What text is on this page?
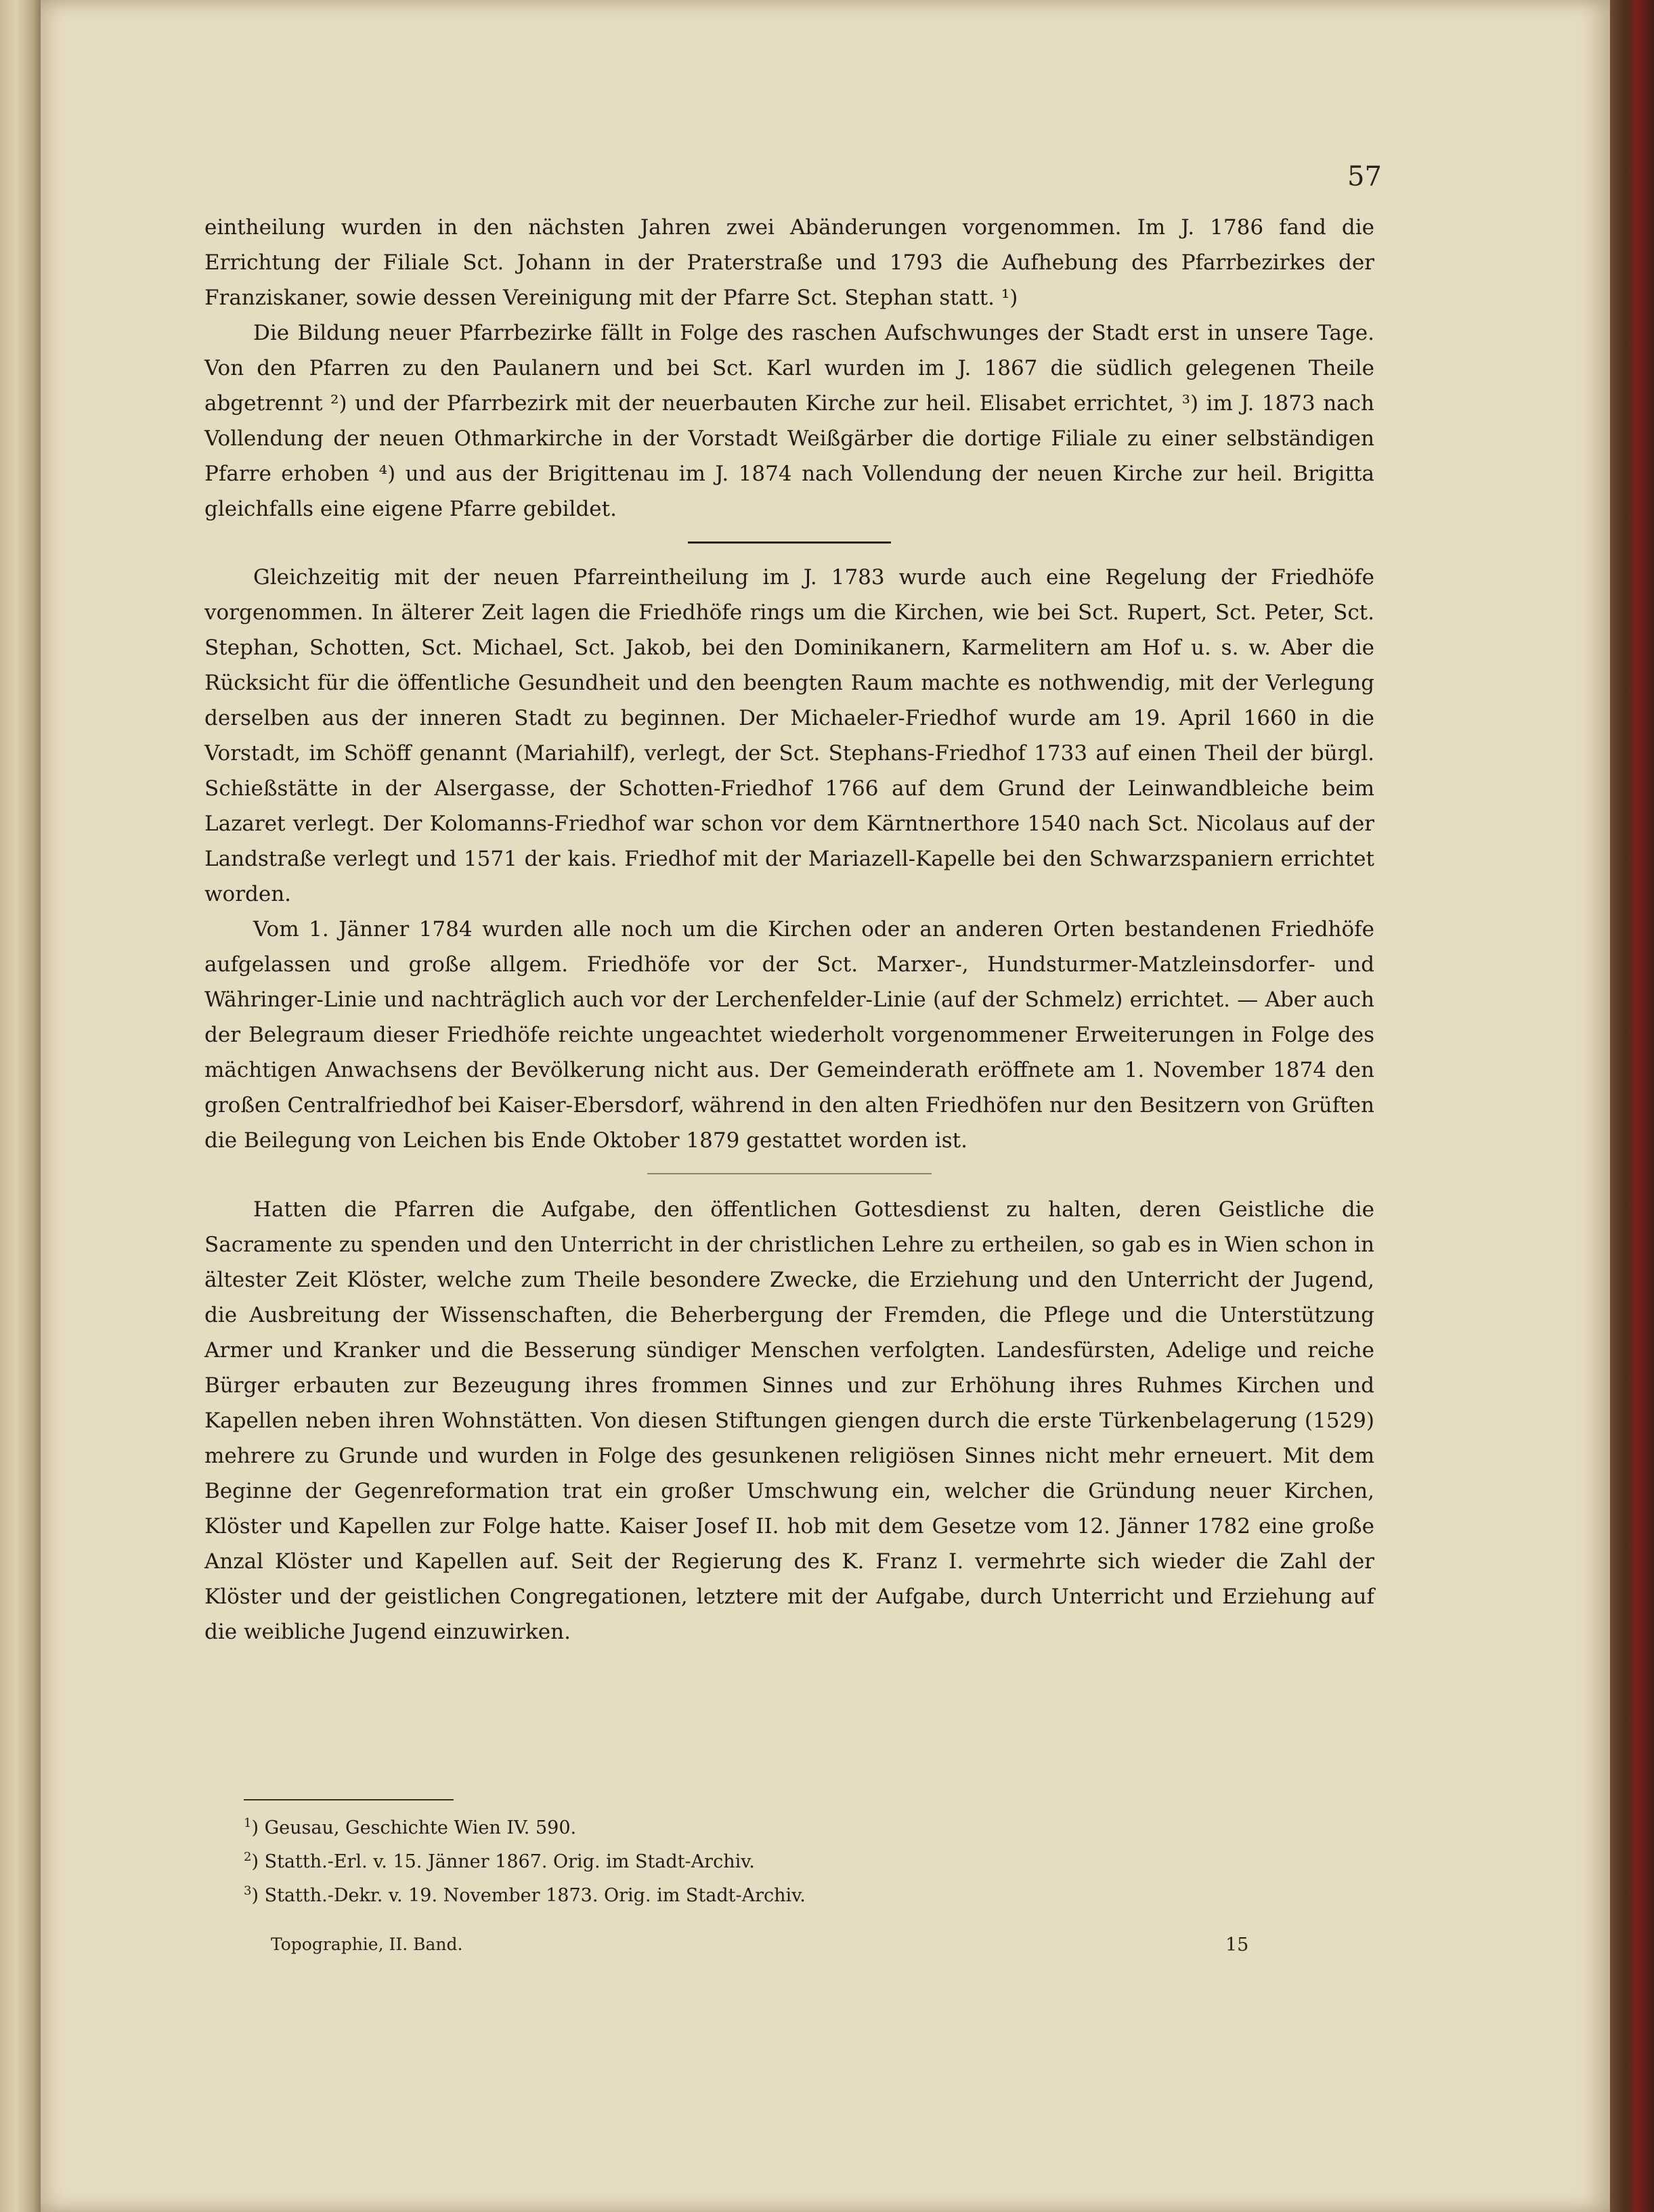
57

eintheilung wurden in den nächsten Jahren zwei Abänderungen vorgenommen. Im J. 1786 fand die Errichtung der Filiale Sct. Johann in der Praterstraße und 1793 die Aufhebung des Pfarrbezirkes der Franziskaner, sowie dessen Vereinigung mit der Pfarre Sct. Stephan statt. ¹)

Die Bildung neuer Pfarrbezirke fällt in Folge des raschen Aufschwunges der Stadt erst in unsere Tage. Von den Pfarren zu den Paulanern und bei Sct. Karl wurden im J. 1867 die südlich gelegenen Theile abgetrennt ²) und der Pfarrbezirk mit der neuerbauten Kirche zur heil. Elisabet errichtet, ³) im J. 1873 nach Vollendung der neuen Othmarkirche in der Vorstadt Weißgärber die dortige Filiale zu einer selbständigen Pfarre erhoben ⁴) und aus der Brigittenau im J. 1874 nach Vollendung der neuen Kirche zur heil. Brigitta gleichfalls eine eigene Pfarre gebildet.

Gleichzeitig mit der neuen Pfarreintheilung im J. 1783 wurde auch eine Regelung der Friedhöfe vorgenommen. In älterer Zeit lagen die Friedhöfe rings um die Kirchen, wie bei Sct. Rupert, Sct. Peter, Sct. Stephan, Schotten, Sct. Michael, Sct. Jakob, bei den Dominikanern, Karmelitern am Hof u. s. w. Aber die Rücksicht für die öffentliche Gesundheit und den beengten Raum machte es nothwendig, mit der Verlegung derselben aus der inneren Stadt zu beginnen. Der Michaeler-Friedhof wurde am 19. April 1660 in die Vorstadt, im Schöff genannt (Mariahilf), verlegt, der Sct. Stephans-Friedhof 1733 auf einen Theil der bürgl. Schießstätte in der Alsergasse, der Schotten-Friedhof 1766 auf dem Grund der Leinwandbleiche beim Lazaret verlegt. Der Kolomanns-Friedhof war schon vor dem Kärntnerthore 1540 nach Sct. Nicolaus auf der Landstraße verlegt und 1571 der kais. Friedhof mit der Mariazell-Kapelle bei den Schwarzspaniern errichtet worden.

Vom 1. Jänner 1784 wurden alle noch um die Kirchen oder an anderen Orten bestandenen Friedhöfe aufgelassen und große allgem. Friedhöfe vor der Sct. Marxer-, Hundsturmer-Matzleinsdorfer- und Währinger-Linie und nachträglich auch vor der Lerchenfelder-Linie (auf der Schmelz) errichtet. — Aber auch der Belegraum dieser Friedhöfe reichte ungeachtet wiederholt vorgenommener Erweiterungen in Folge des mächtigen Anwachsens der Bevölkerung nicht aus. Der Gemeinderath eröffnete am 1. November 1874 den großen Centralfriedhof bei Kaiser-Ebersdorf, während in den alten Friedhöfen nur den Besitzern von Grüften die Beilegung von Leichen bis Ende Oktober 1879 gestattet worden ist.

Hatten die Pfarren die Aufgabe, den öffentlichen Gottesdienst zu halten, deren Geistliche die Sacramente zu spenden und den Unterricht in der christlichen Lehre zu ertheilen, so gab es in Wien schon in ältester Zeit Klöster, welche zum Theile besondere Zwecke, die Erziehung und den Unterricht der Jugend, die Ausbreitung der Wissenschaften, die Beherbergung der Fremden, die Pflege und die Unterstützung Armer und Kranker und die Besserung sündiger Menschen verfolgten. Landesfürsten, Adelige und reiche Bürger erbauten zur Bezeugung ihres frommen Sinnes und zur Erhöhung ihres Ruhmes Kirchen und Kapellen neben ihren Wohnstätten. Von diesen Stiftungen giengen durch die erste Türkenbelagerung (1529) mehrere zu Grunde und wurden in Folge des gesunkenen religiösen Sinnes nicht mehr erneuert. Mit dem Beginne der Gegenreformation trat ein großer Umschwung ein, welcher die Gründung neuer Kirchen, Klöster und Kapellen zur Folge hatte. Kaiser Josef II. hob mit dem Gesetze vom 12. Jänner 1782 eine große Anzal Klöster und Kapellen auf. Seit der Regierung des K. Franz I. vermehrte sich wieder die Zahl der Klöster und der geistlichen Congregationen, letztere mit der Aufgabe, durch Unterricht und Erziehung auf die weibliche Jugend einzuwirken.

$^1$) Geusau, Geschichte Wien IV. 590.

$^2$) Statth.-Erl. v. 15. Jänner 1867. Orig. im Stadt-Archiv.

$^3$) Statth.-Dekr. v. 19. November 1873. Orig. im Stadt-Archiv.

Topographie, II. Band.	15
